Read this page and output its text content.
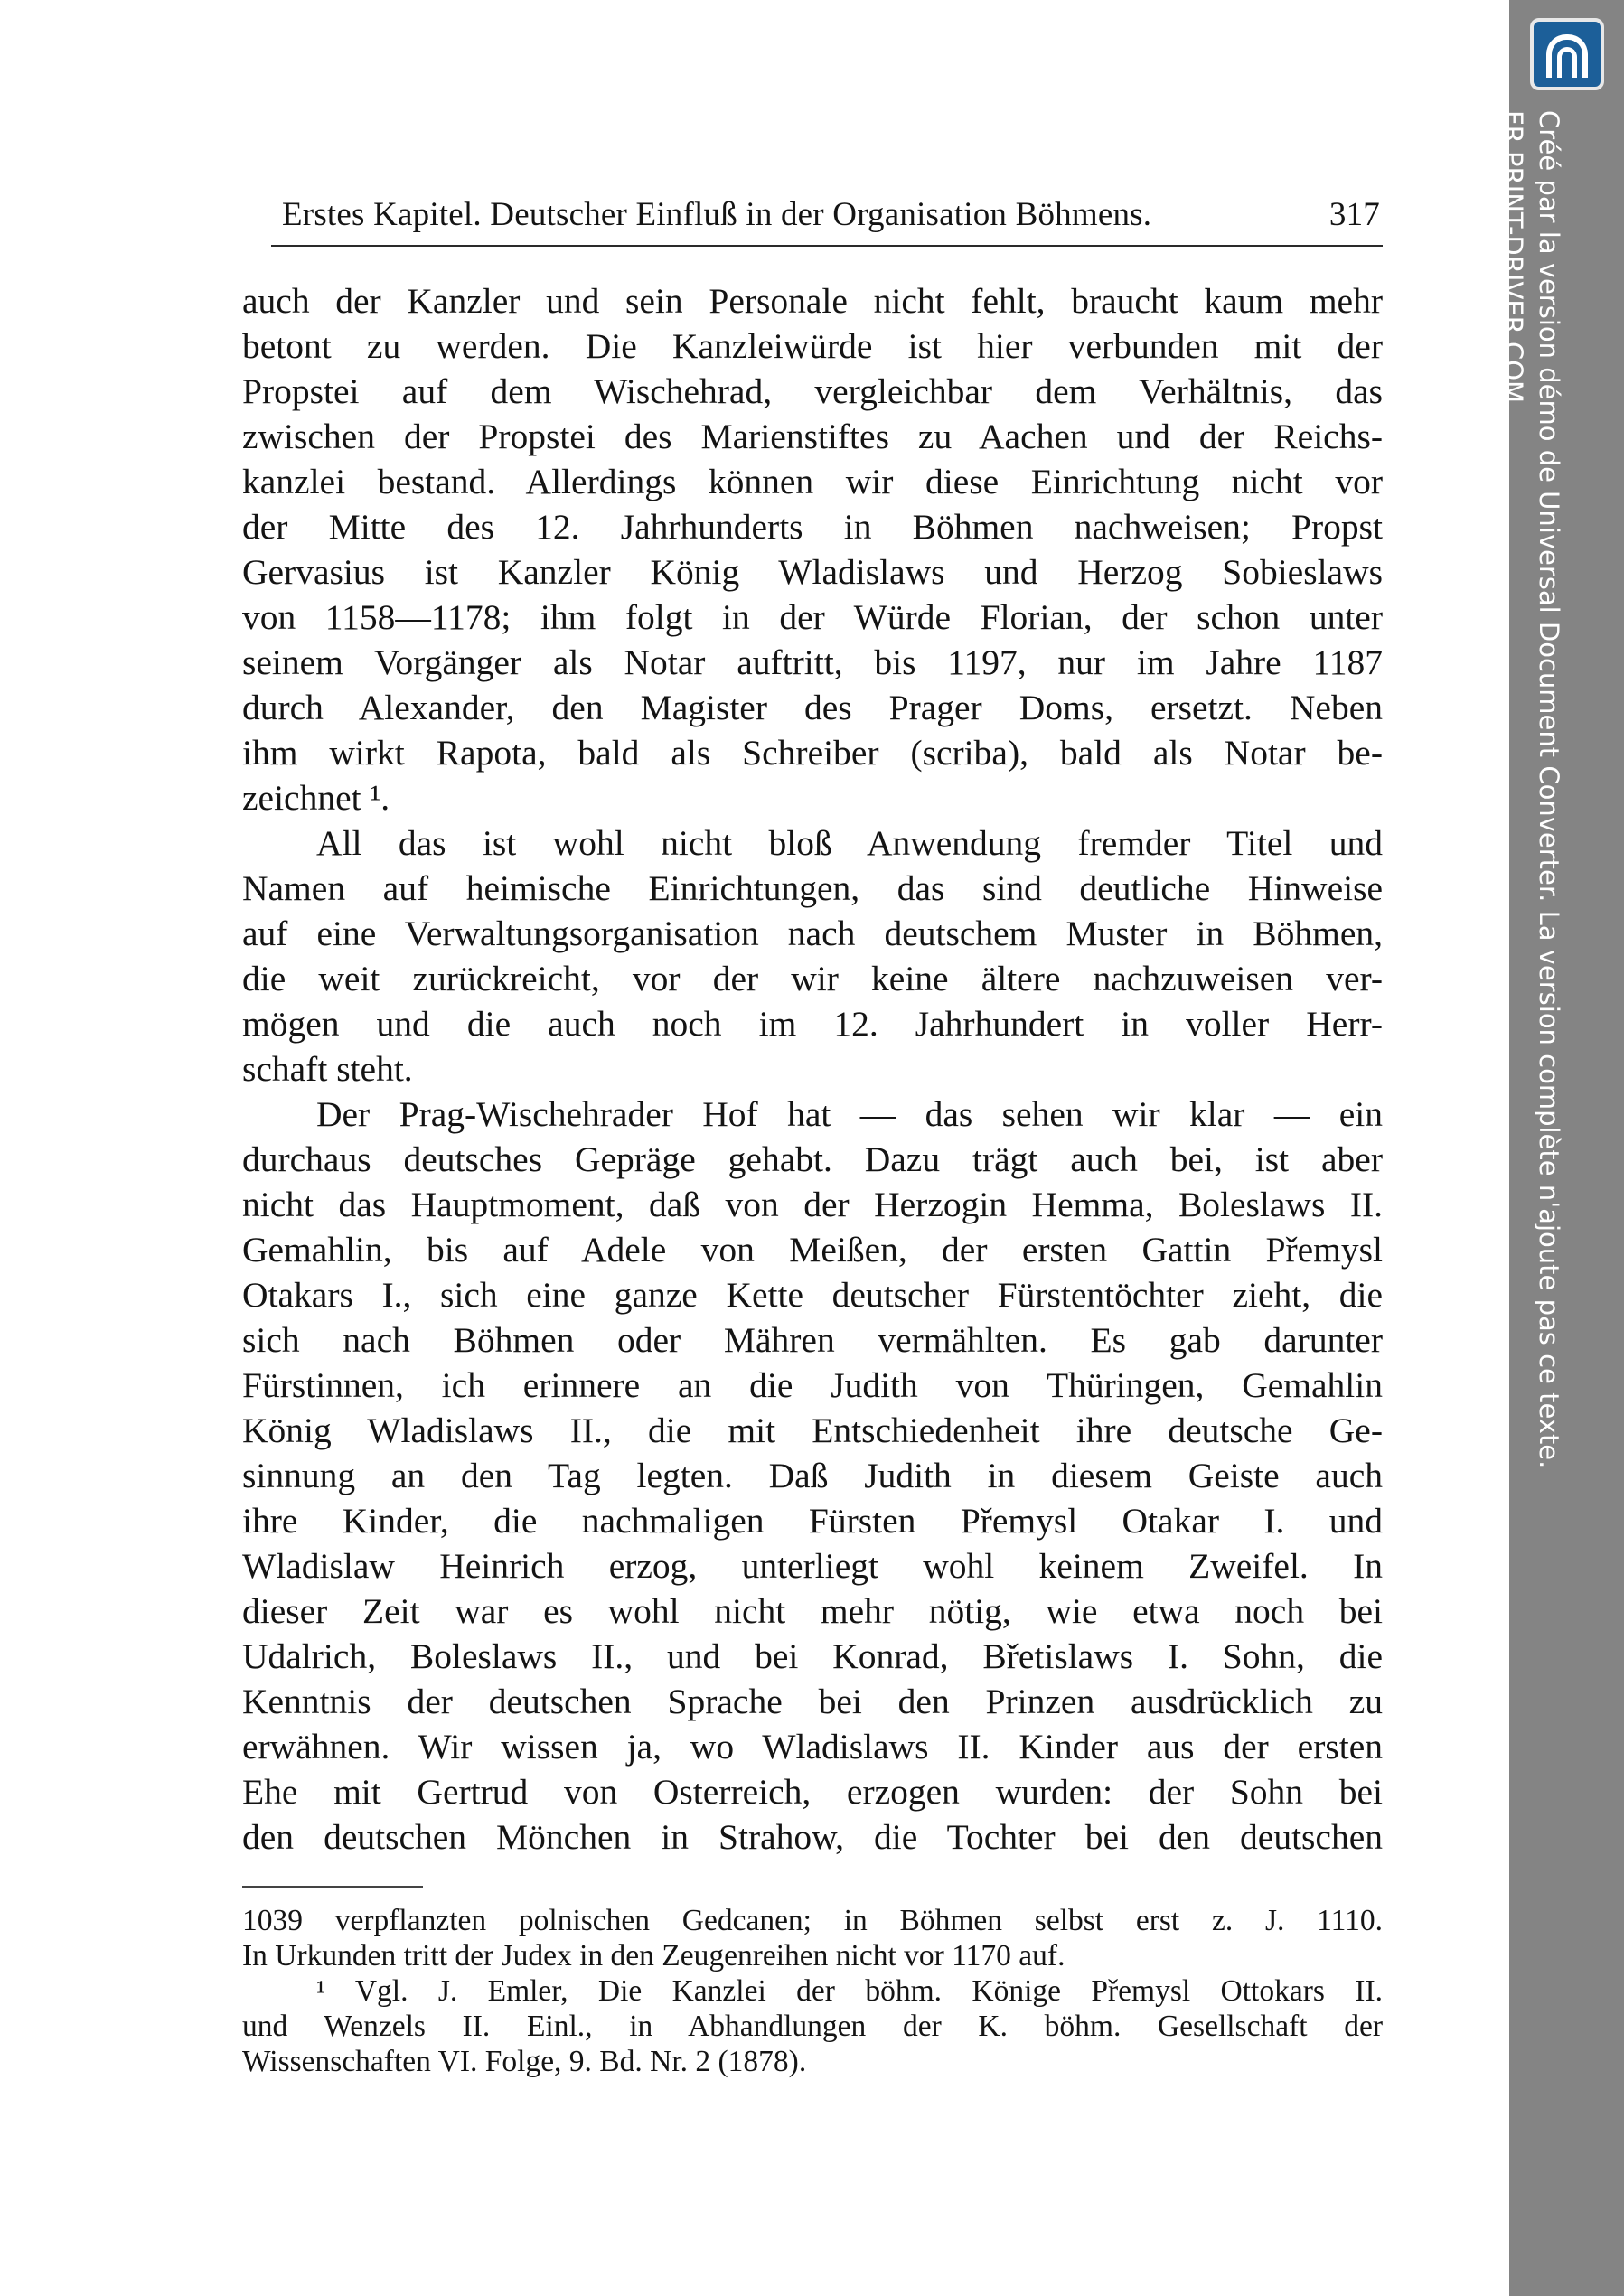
Erstes Kapitel. Deutscher Einfluß in der Organisation Böhmens.	317
auch der Kanzler und sein Personale nicht fehlt, braucht kaum mehr
betont zu werden. Die Kanzleiwürde ist hier verbunden mit der
Propstei auf dem Wischehrad, vergleichbar dem Verhältnis, das
zwischen der Propstei des Marienstiftes zu Aachen und der Reichs-
kanzlei bestand. Allerdings können wir diese Einrichtung nicht vor
der Mitte des 12. Jahrhunderts in Böhmen nachweisen; Propst
Gervasius ist Kanzler König Wladislaws und Herzog Sobieslaws
von 1158—1178; ihm folgt in der Würde Florian, der schon unter
seinem Vorgänger als Notar auftritt, bis 1197, nur im Jahre 1187
durch Alexander, den Magister des Prager Doms, ersetzt. Neben
ihm wirkt Rapota, bald als Schreiber (scriba), bald als Notar be-
zeichnet ¹.
All das ist wohl nicht bloß Anwendung fremder Titel und
Namen auf heimische Einrichtungen, das sind deutliche Hinweise
auf eine Verwaltungsorganisation nach deutschem Muster in Böhmen,
die weit zurückreicht, vor der wir keine ältere nachzuweisen ver-
mögen und die auch noch im 12. Jahrhundert in voller Herr-
schaft steht.
Der Prag-Wischehrader Hof hat — das sehen wir klar — ein
durchaus deutsches Gepräge gehabt. Dazu trägt auch bei, ist aber
nicht das Hauptmoment, daß von der Herzogin Hemma, Boleslaws II.
Gemahlin, bis auf Adele von Meißen, der ersten Gattin Přemysl
Otakars I., sich eine ganze Kette deutscher Fürstentöchter zieht, die
sich nach Böhmen oder Mähren vermählten. Es gab darunter
Fürstinnen, ich erinnere an die Judith von Thüringen, Gemahlin
König Wladislaws II., die mit Entschiedenheit ihre deutsche Ge-
sinnung an den Tag legten. Daß Judith in diesem Geiste auch
ihre Kinder, die nachmaligen Fürsten Přemysl Otakar I. und
Wladislaw Heinrich erzog, unterliegt wohl keinem Zweifel. In
dieser Zeit war es wohl nicht mehr nötig, wie etwa noch bei
Udalrich, Boleslaws II., und bei Konrad, Břetislaws I. Sohn, die
Kenntnis der deutschen Sprache bei den Prinzen ausdrücklich zu
erwähnen. Wir wissen ja, wo Wladislaws II. Kinder aus der ersten
Ehe mit Gertrud von Osterreich, erzogen wurden: der Sohn bei
den deutschen Mönchen in Strahow, die Tochter bei den deutschen
1039 verpflanzten polnischen Gedcanen; in Böhmen selbst erst z. J. 1110.
In Urkunden tritt der Judex in den Zeugenreihen nicht vor 1170 auf.
¹ Vgl. J. Emler, Die Kanzlei der böhm. Könige Přemysl Ottokars II.
und Wenzels II. Einl., in Abhandlungen der K. böhm. Gesellschaft der
Wissenschaften VI. Folge, 9. Bd. Nr. 2 (1878).
Créé par la version démo de Universal Document Converter. La version complète n'ajoute pas ce texte.
FR.PRINT-DRIVER.COM
